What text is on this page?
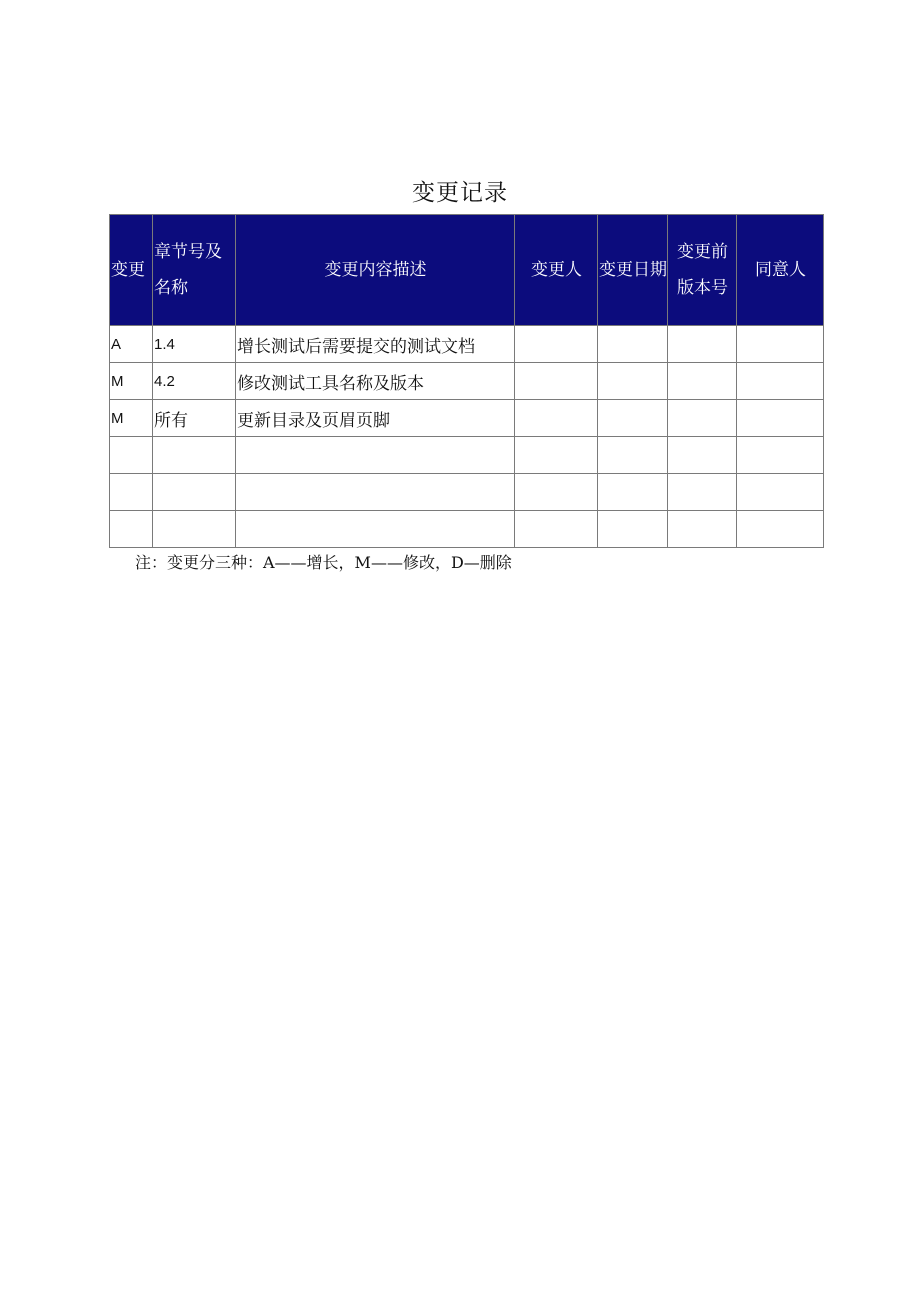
变更记录
变更	章节号及名称	变更内容描述	变更人	变更日期	变更前版本号	同意人
A	1.4	增长测试后需要提交的测试文档				
M	4.2	修改测试工具名称及版本				
M	所有	更新目录及页眉页脚				

注：变更分三种：A——增长，M——修改，D—删除
